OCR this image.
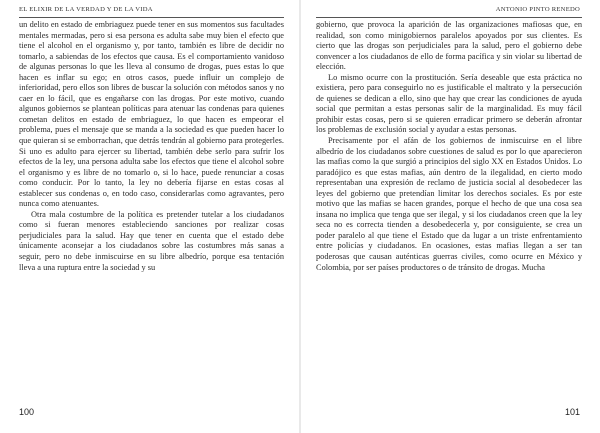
EL ELIXIR DE LA VERDAD Y DE LA VIDA

un delito en estado de embriaguez puede tener en sus momentos sus facultades mentales mermadas, pero si esa persona es adulta sabe muy bien el efecto que tiene el alcohol en el organismo y, por tanto, también es libre de decidir no tomarlo, a sabiendas de los efectos que causa. Es el comportamiento vanidoso de algunas personas lo que les lleva al consumo de drogas, pues estas lo que hacen es inflar su ego; en otros casos, puede influir un complejo de inferioridad, pero ellos son libres de buscar la solución con métodos sanos y no caer en lo fácil, que es engañarse con las drogas. Por este motivo, cuando algunos gobiernos se plantean políticas para atenuar las condenas para quienes cometan delitos en estado de embriaguez, lo que hacen es empeorar el problema, pues el mensaje que se manda a la sociedad es que pueden hacer lo que quieran si se emborrachan, que detrás tendrán al gobierno para protegerles. Si uno es adulto para ejercer su libertad, también debe serlo para sufrir los efectos de la ley, una persona adulta sabe los efectos que tiene el alcohol sobre el organismo y es libre de no tomarlo o, si lo hace, puede renunciar a cosas como conducir. Por lo tanto, la ley no debería fijarse en estas cosas al establecer sus condenas o, en todo caso, considerarlas como agravantes, pero nunca como atenuantes.

Otra mala costumbre de la política es pretender tutelar a los ciudadanos como si fueran menores estableciendo sanciones por realizar cosas perjudiciales para la salud. Hay que tener en cuenta que el estado debe únicamente aconsejar a los ciudadanos sobre las costumbres más sanas a seguir, pero no debe inmiscuirse en su libre albedrío, porque esa tentación lleva a una ruptura entre la sociedad y su

100
ANTONIO PINTO RENEDO

gobierno, que provoca la aparición de las organizaciones mafiosas que, en realidad, son como minigobiernos paralelos apoyados por sus clientes. Es cierto que las drogas son perjudiciales para la salud, pero el gobierno debe convencer a los ciudadanos de ello de forma pacífica y sin violar su libertad de elección.

Lo mismo ocurre con la prostitución. Sería deseable que esta práctica no existiera, pero para conseguirlo no es justificable el maltrato y la persecución de quienes se dedican a ello, sino que hay que crear las condiciones de ayuda social que permitan a estas personas salir de la marginalidad. Es muy fácil prohibir estas cosas, pero si se quieren erradicar primero se deberán afrontar los problemas de exclusión social y ayudar a estas personas.

Precisamente por el afán de los gobiernos de inmiscuirse en el libre albedrío de los ciudadanos sobre cuestiones de salud es por lo que aparecieron las mafias como la que surgió a principios del siglo XX en Estados Unidos. Lo paradójico es que estas mafias, aún dentro de la ilegalidad, en cierto modo representaban una expresión de reclamo de justicia social al desobedecer las leyes del gobierno que pretendían limitar los derechos sociales. Es por este motivo que las mafias se hacen grandes, porque el hecho de que una cosa sea insana no implica que tenga que ser ilegal, y si los ciudadanos creen que la ley seca no es correcta tienden a desobedecerla y, por consiguiente, se crea un poder paralelo al que tiene el Estado que da lugar a un triste enfrentamiento entre policías y ciudadanos. En ocasiones, estas mafias llegan a ser tan poderosas que causan auténticas guerras civiles, como ocurre en México y Colombia, por ser países productores o de tránsito de drogas. Mucha

101
